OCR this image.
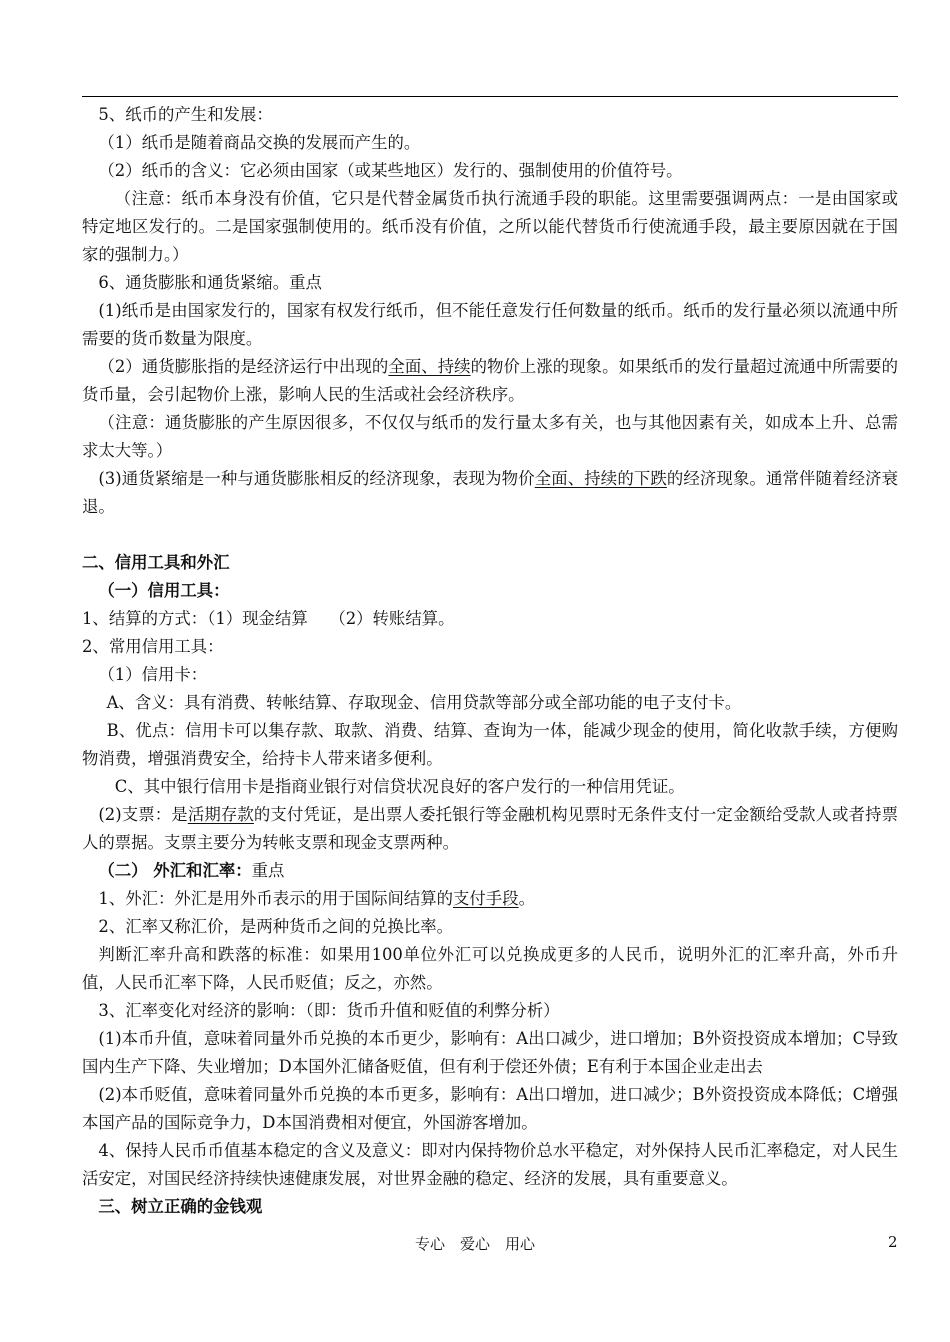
5、纸币的产生和发展：

（1）纸币是随着商品交换的发展而产生的。

（2）纸币的含义：它必须由国家（或某些地区）发行的、强制使用的价值符号。

（注意：纸币本身没有价值，它只是代替金属货币执行流通手段的职能。这里需要强调两点：一是由国家或特定地区发行的。二是国家强制使用的。纸币没有价值，之所以能代替货币行使流通手段，最主要原因就在于国家的强制力。）

6、通货膨胀和通货紧缩。重点

(1)纸币是由国家发行的，国家有权发行纸币，但不能任意发行任何数量的纸币。纸币的发行量必须以流通中所需要的货币数量为限度。

（2）通货膨胀指的是经济运行中出现的全面、持续的物价上涨的现象。如果纸币的发行量超过流通中所需要的货币量，会引起物价上涨，影响人民的生活或社会经济秩序。

（注意：通货膨胀的产生原因很多，不仅仅与纸币的发行量太多有关，也与其他因素有关，如成本上升、总需求太大等。）

(3)通货紧缩是一种与通货膨胀相反的经济现象，表现为物价全面、持续的下跌的经济现象。通常伴随着经济衰退。

二、信用工具和外汇

（一）信用工具：

1、结算的方式：（1）现金结算　 （2）转账结算。

2、常用信用工具：

（1）信用卡：

A、含义：具有消费、转帐结算、存取现金、信用贷款等部分或全部功能的电子支付卡。

B、优点：信用卡可以集存款、取款、消费、结算、查询为一体，能减少现金的使用，简化收款手续，方便购物消费，增强消费安全，给持卡人带来诸多便利。

C、其中银行信用卡是指商业银行对信贷状况良好的客户发行的一种信用凭证。

(2)支票：是活期存款的支付凭证，是出票人委托银行等金融机构见票时无条件支付一定金额给受款人或者持票人的票据。支票主要分为转帐支票和现金支票两种。

（二） 外汇和汇率：重点

1、外汇：外汇是用外币表示的用于国际间结算的支付手段。

2、汇率又称汇价，是两种货币之间的兑换比率。

判断汇率升高和跌落的标准：如果用100单位外汇可以兑换成更多的人民币，说明外汇的汇率升高，外币升值，人民币汇率下降，人民币贬值；反之，亦然。

3、汇率变化对经济的影响：（即：货币升值和贬值的利弊分析）

(1)本币升值，意味着同量外币兑换的本币更少，影响有：A出口减少，进口增加；B外资投资成本增加；C导致国内生产下降、失业增加；D本国外汇储备贬值，但有利于偿还外债；E有利于本国企业走出去

(2)本币贬值，意味着同量外币兑换的本币更多，影响有：A出口增加，进口减少；B外资投资成本降低；C增强本国产品的国际竞争力，D本国消费相对便宜，外国游客增加。

4、保持人民币币值基本稳定的含义及意义：即对内保持物价总水平稳定，对外保持人民币汇率稳定，对人民生活安定，对国民经济持续快速健康发展，对世界金融的稳定、经济的发展，具有重要意义。

三、树立正确的金钱观

专心　爱心　用心	2
